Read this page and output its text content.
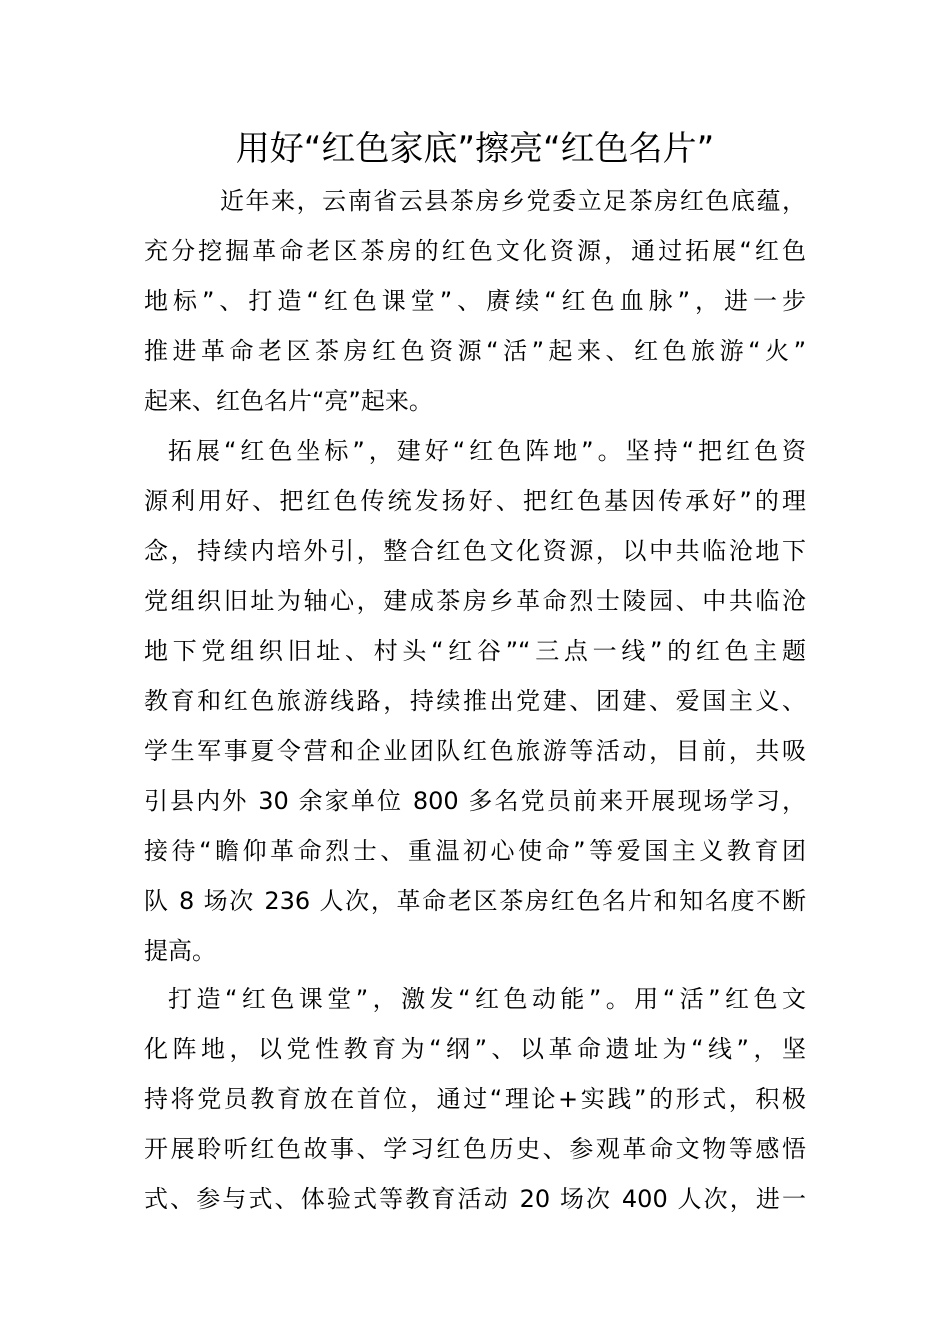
用好“红色家底”擦亮“红色名片”
近年来，云南省云县茶房乡党委立足茶房红色底蕴，
充分挖掘革命老区茶房的红色文化资源，通过拓展“红色
地标”、打造“红色课堂”、赓续“红色血脉”，进一步
推进革命老区茶房红色资源“活”起来、红色旅游“火”
起来、红色名片“亮”起来。
拓展“红色坐标”，建好“红色阵地”。坚持“把红色资
源利用好、把红色传统发扬好、把红色基因传承好”的理
念，持续内培外引，整合红色文化资源，以中共临沧地下
党组织旧址为轴心，建成茶房乡革命烈士陵园、中共临沧
地下党组织旧址、村头“红谷”“三点一线”的红色主题
教育和红色旅游线路，持续推出党建、团建、爱国主义、
学生军事夏令营和企业团队红色旅游等活动，目前，共吸
引县内外 30 余家单位 800 多名党员前来开展现场学习，
接待“瞻仰革命烈士、重温初心使命”等爱国主义教育团
队 8 场次 236 人次，革命老区茶房红色名片和知名度不断
提高。
打造“红色课堂”，激发“红色动能”。用“活”红色文
化阵地，以党性教育为“纲”、以革命遗址为“线”，坚
持将党员教育放在首位，通过“理论+实践”的形式，积极
开展聆听红色故事、学习红色历史、参观革命文物等感悟
式、参与式、体验式等教育活动 20 场次 400 人次，进一
